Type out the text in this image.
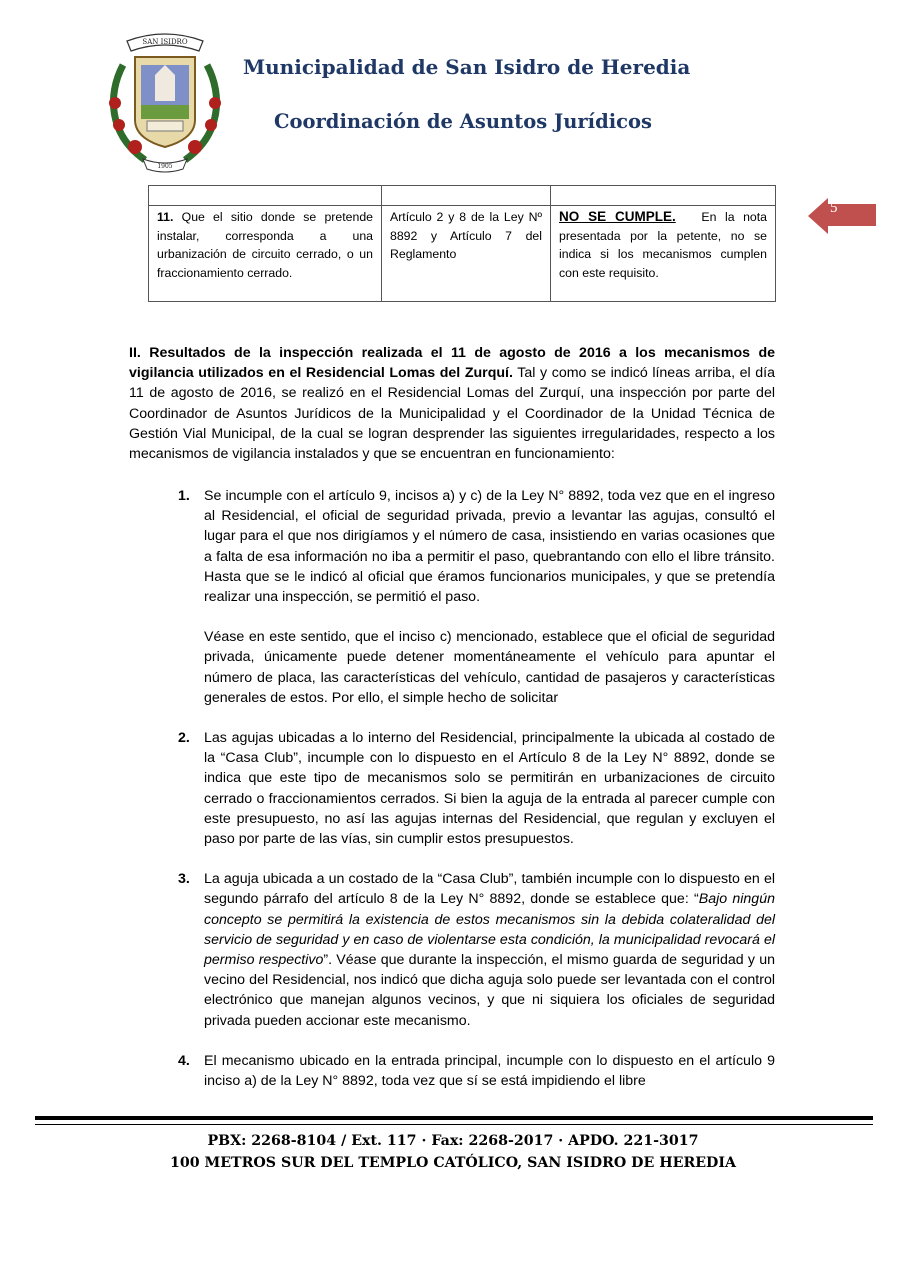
SAN ISIDRO
1905
Municipalidad de San Isidro de Heredia
Coordinación de Asuntos Jurídicos
5

11. Que el sitio donde se pretende instalar, corresponda a una urbanización de circuito cerrado, o un fraccionamiento cerrado.	Artículo 2 y 8 de la Ley Nº 8892 y Artículo 7 del Reglamento	NO SE CUMPLE. En la nota presentada por la petente, no se indica si los mecanismos cumplen con este requisito.
II. Resultados de la inspección realizada el 11 de agosto de 2016 a los mecanismos de vigilancia utilizados en el Residencial Lomas del Zurquí. Tal y como se indicó líneas arriba, el día 11 de agosto de 2016, se realizó en el Residencial Lomas del Zurquí, una inspección por parte del Coordinador de Asuntos Jurídicos de la Municipalidad y el Coordinador de la Unidad Técnica de Gestión Vial Municipal, de la cual se logran desprender las siguientes irregularidades, respecto a los mecanismos de vigilancia instalados y que se encuentran en funcionamiento:
1. Se incumple con el artículo 9, incisos a) y c) de la Ley N° 8892, toda vez que en el ingreso al Residencial, el oficial de seguridad privada, previo a levantar las agujas, consultó el lugar para el que nos dirigíamos y el número de casa, insistiendo en varias ocasiones que a falta de esa información no iba a permitir el paso, quebrantando con ello el libre tránsito. Hasta que se le indicó al oficial que éramos funcionarios municipales, y que se pretendía realizar una inspección, se permitió el paso.

Véase en este sentido, que el inciso c) mencionado, establece que el oficial de seguridad privada, únicamente puede detener momentáneamente el vehículo para apuntar el número de placa, las características del vehículo, cantidad de pasajeros y características generales de estos. Por ello, el simple hecho de solicitar

2. Las agujas ubicadas a lo interno del Residencial, principalmente la ubicada al costado de la “Casa Club”, incumple con lo dispuesto en el Artículo 8 de la Ley N° 8892, donde se indica que este tipo de mecanismos solo se permitirán en urbanizaciones de circuito cerrado o fraccionamientos cerrados. Si bien la aguja de la entrada al parecer cumple con este presupuesto, no así las agujas internas del Residencial, que regulan y excluyen el paso por parte de las vías, sin cumplir estos presupuestos.

3. La aguja ubicada a un costado de la “Casa Club”, también incumple con lo dispuesto en el segundo párrafo del artículo 8 de la Ley N° 8892, donde se establece que: “Bajo ningún concepto se permitirá la existencia de estos mecanismos sin la debida colateralidad del servicio de seguridad y en caso de violentarse esta condición, la municipalidad revocará el permiso respectivo”. Véase que durante la inspección, el mismo guarda de seguridad y un vecino del Residencial, nos indicó que dicha aguja solo puede ser levantada con el control electrónico que manejan algunos vecinos, y que ni siquiera los oficiales de seguridad privada pueden accionar este mecanismo.

4. El mecanismo ubicado en la entrada principal, incumple con lo dispuesto en el artículo 9 inciso a) de la Ley N° 8892, toda vez que sí se está impidiendo el libre

PBX: 2268-8104 / Ext. 117 · Fax: 2268-2017 · APDO. 221-3017
100 METROS SUR DEL TEMPLO CATÓLICO, SAN ISIDRO DE HEREDIA
